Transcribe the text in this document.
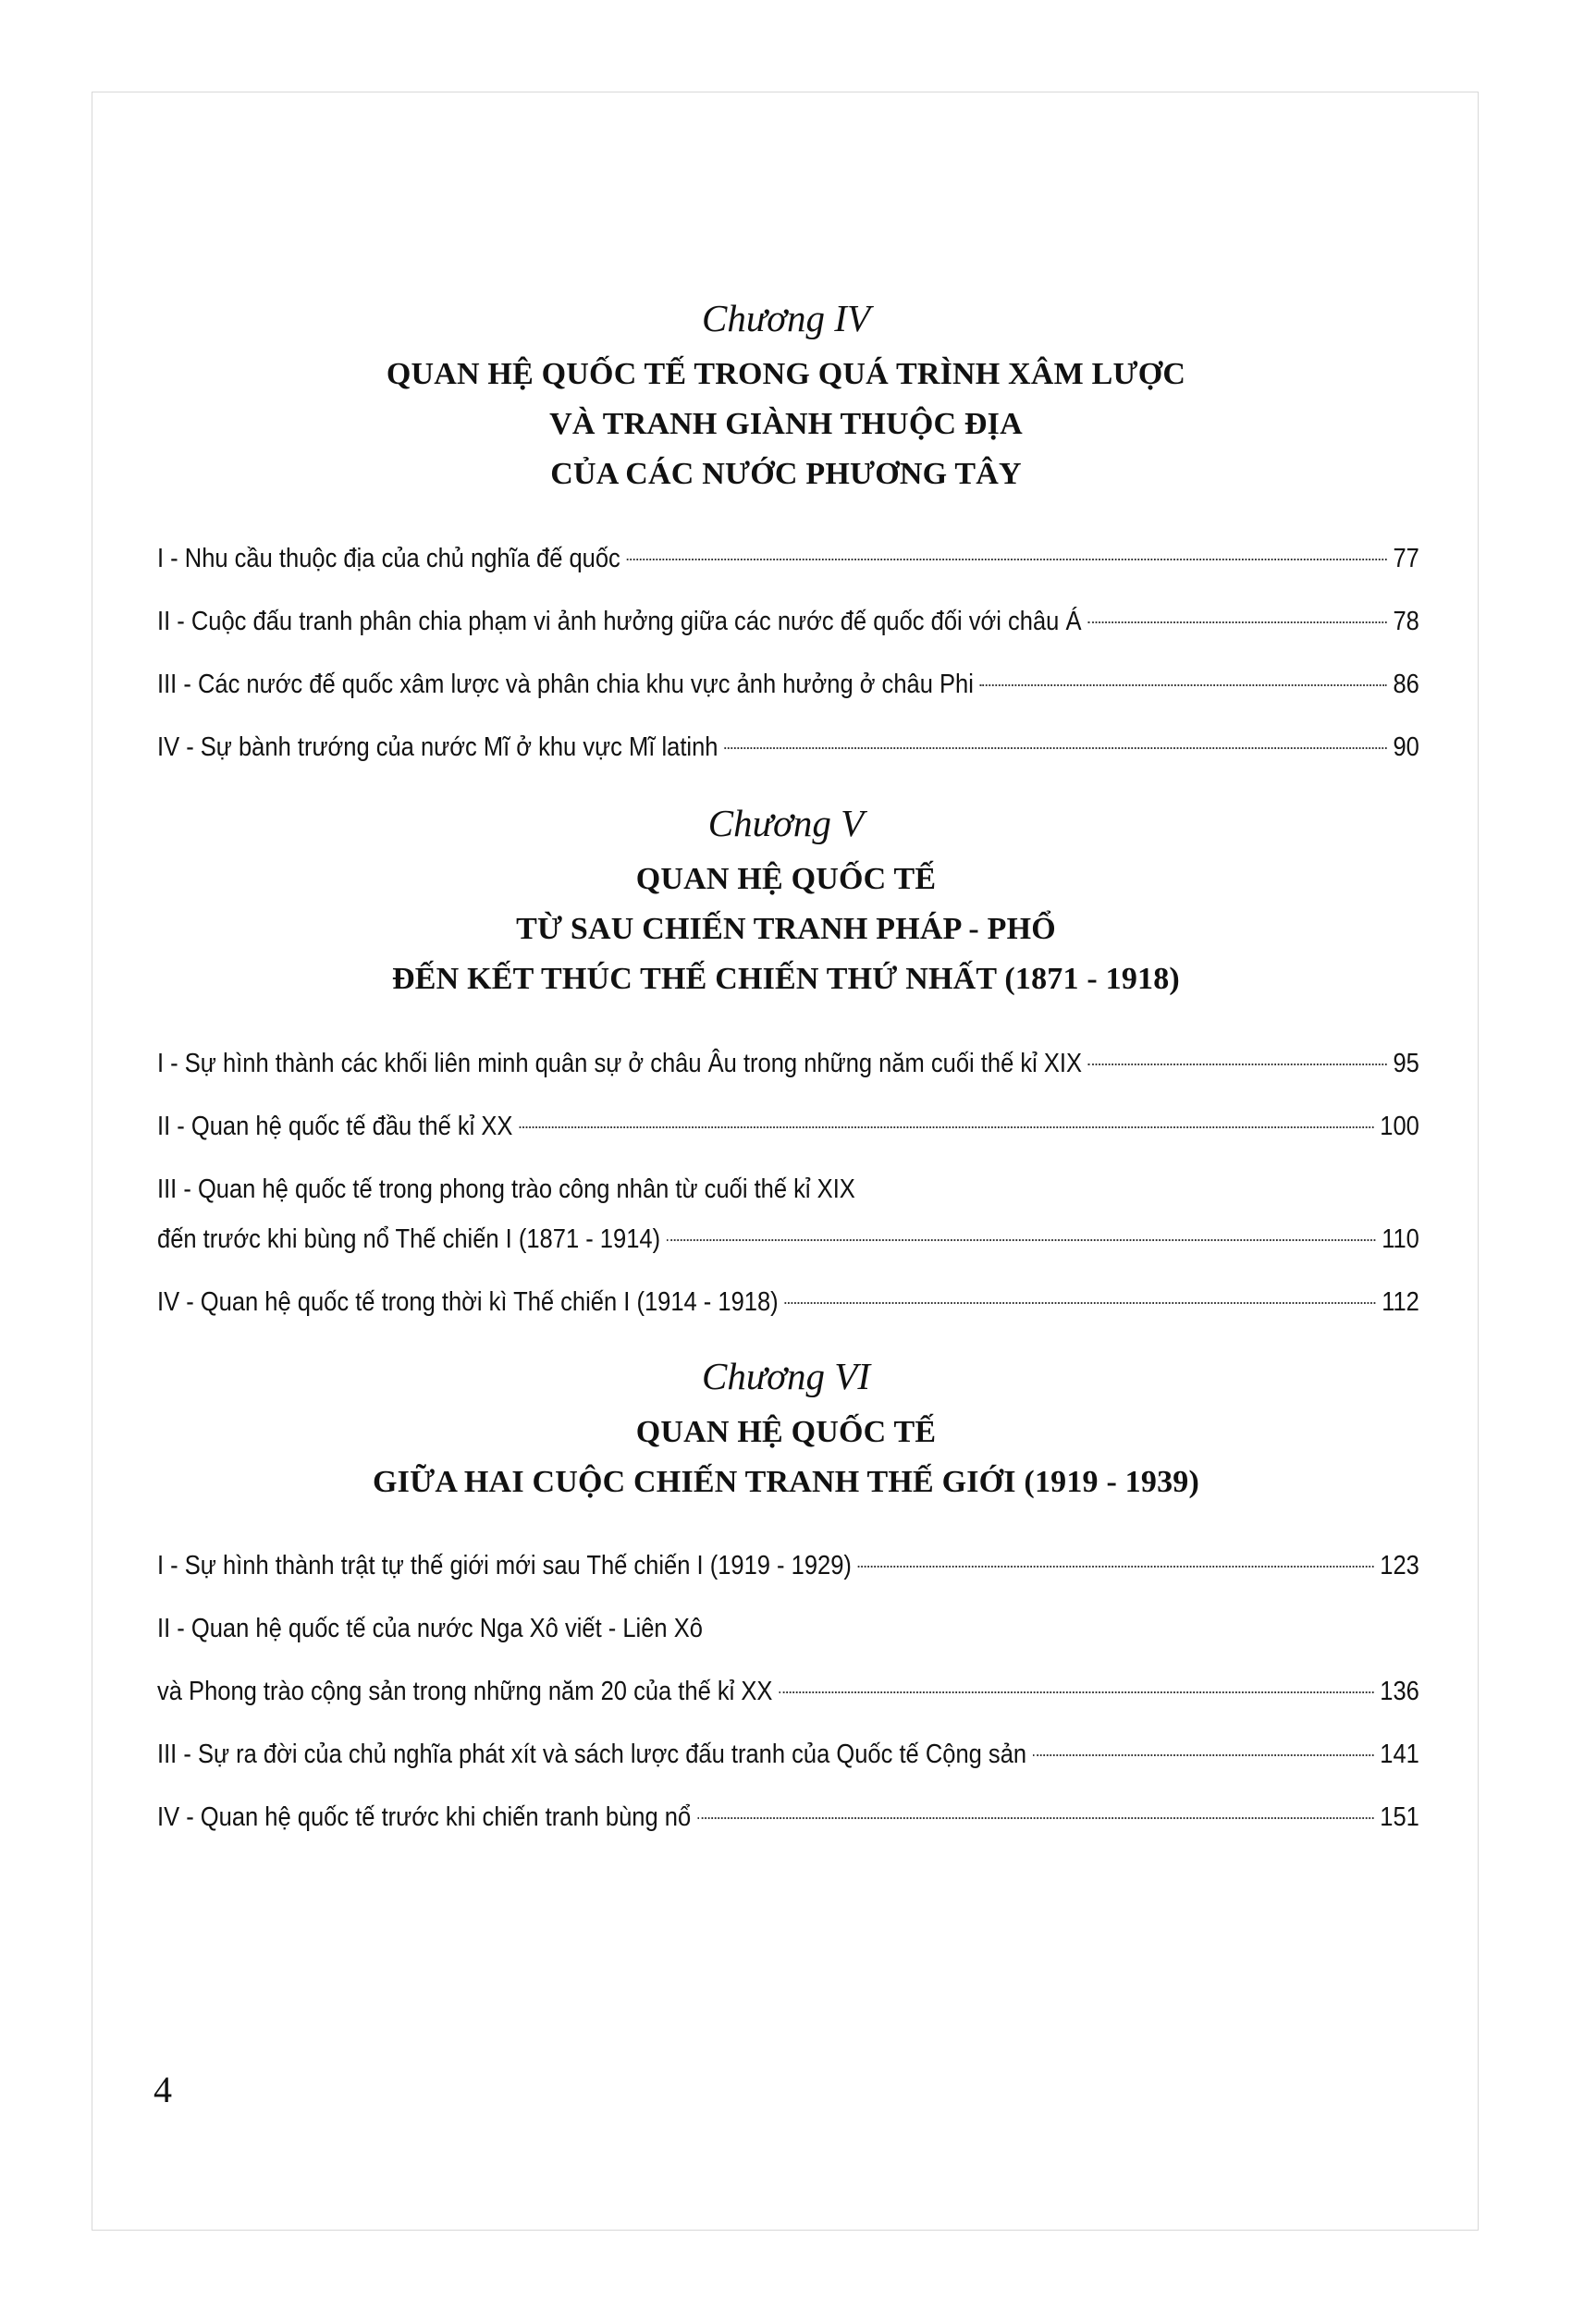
Chương IV
QUAN HỆ QUỐC TẾ TRONG QUÁ TRÌNH XÂM LƯỢC
VÀ TRANH GIÀNH THUỘC ĐỊA
CỦA CÁC NƯỚC PHƯƠNG TÂY
I - Nhu cầu thuộc địa của chủ nghĩa đế quốc	77
II - Cuộc đấu tranh phân chia phạm vi ảnh hưởng giữa các nước đế quốc đối với châu Á	78
III - Các nước đế quốc xâm lược và phân chia khu vực ảnh hưởng ở châu Phi	86
IV - Sự bành trướng của nước Mĩ ở khu vực Mĩ latinh	90
Chương V
QUAN HỆ QUỐC TẾ
TỪ SAU CHIẾN TRANH PHÁP - PHỔ
ĐẾN KẾT THÚC THẾ CHIẾN THỨ NHẤT (1871 - 1918)
I - Sự hình thành các khối liên minh quân sự ở châu Âu trong những năm cuối thế kỉ XIX	95
II - Quan hệ quốc tế đầu thế kỉ XX	100
III - Quan hệ quốc tế trong phong trào công nhân từ cuối thế kỉ XIX
đến trước khi bùng nổ Thế chiến I (1871 - 1914)	110
IV - Quan hệ quốc tế trong thời kì Thế chiến I (1914 - 1918)	112
Chương VI
QUAN HỆ QUỐC TẾ
GIỮA HAI CUỘC CHIẾN TRANH THẾ GIỚI (1919 - 1939)
I - Sự hình thành trật tự thế giới mới sau Thế chiến I (1919 - 1929)	123
II - Quan hệ quốc tế của nước Nga Xô viết - Liên Xô
và Phong trào cộng sản trong những năm 20 của thế kỉ XX	136
III - Sự ra đời của chủ nghĩa phát xít và sách lược đấu tranh của Quốc tế Cộng sản	141
IV - Quan hệ quốc tế trước khi chiến tranh bùng nổ	151
4
